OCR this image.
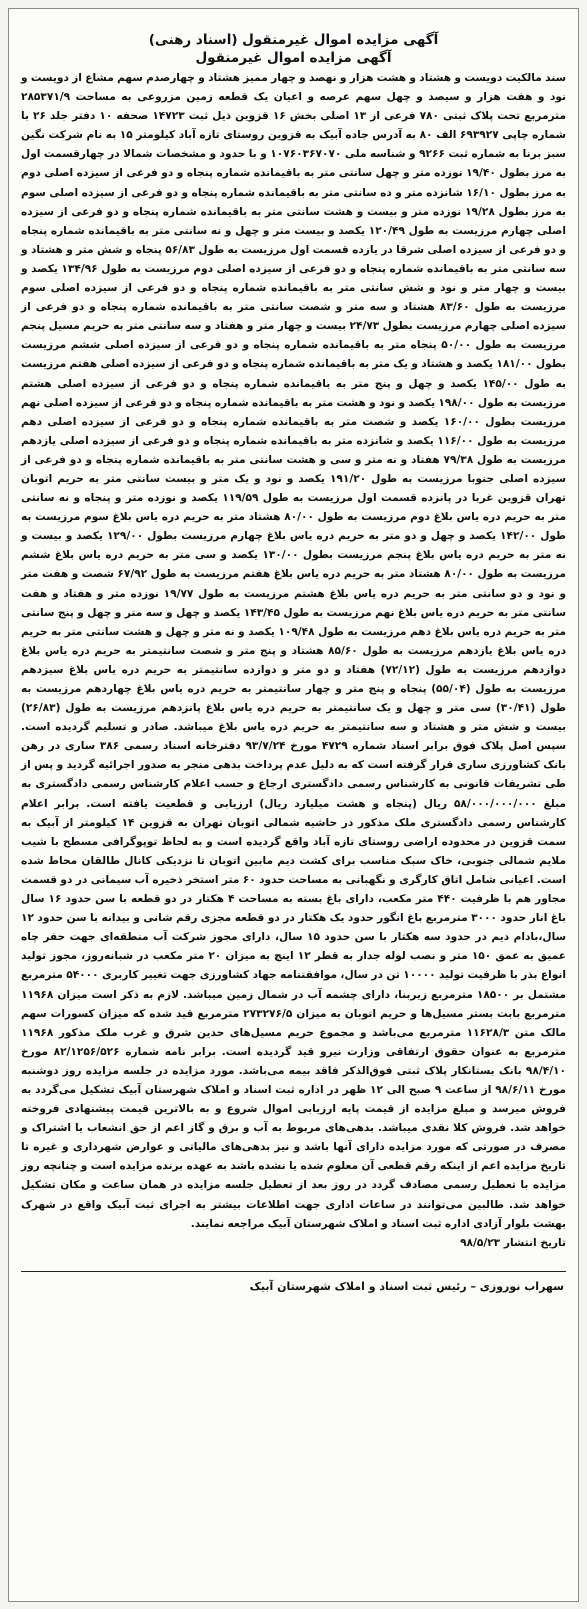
آگهی مزایده اموال غیرمنقول (اسناد رهنی)
آگهی مزایده اموال غیرمنقول

سند مالکیت دویست و هشتاد و هشت هزار و نهصد و چهار ممیز هشتاد و چهارصدم سهم مشاع از دویست و نود و هفت هزار و سیصد و چهل سهم عرصه و اعیان یک قطعه زمین مزروعی به مساحت ۲۸۵۳۷۱/۹ مترمربع تحت پلاک ثبتی ۷۸۰ فرعی از ۱۳ اصلی بخش ۱۶ قزوین ذیل ثبت ۱۴۷۲۳ صحفه ۱۰ دفتر جلد ۲۶ با شماره چاپی ۶۹۳۹۲۷ الف ۸۰ به آدرس جاده آبیک به قزوین روستای تازه آباد کیلومتر ۱۵ به نام شرکت نگین سبز برنا به شماره ثبت ۹۲۶۶ و شناسه ملی ۱۰۷۶۰۳۶۷۰۷۰ و با حدود و مشخصات شمالا در چهارقسمت اول به مرز بطول ۱۹/۴۰ نوزده متر و چهل سانتی متر به باقیمانده شماره پنجاه و دو فرعی از سیزده اصلی دوم به مرز بطول ۱۶/۱۰ شانزده متر و ده سانتی متر به باقیمانده شماره پنجاه و دو فرعی از سیزده اصلی سوم به مرز بطول ۱۹/۲۸ نوزده متر و بیست و هشت سانتی متر به باقیمانده شماره پنجاه و دو فرعی از سیزده اصلی چهارم مرزیست به طول ۱۲۰/۴۹ یکصد و بیست متر و چهل و نه سانتی متر به باقیمانده شماره پنجاه و دو فرعی از سیزده اصلی شرقا در یازده قسمت اول مرزیست به طول ۵۶/۸۳ پنجاه و شش متر و هشتاد و سه سانتی متر به باقیمانده شماره پنجاه و دو فرعی از سیزده اصلی دوم مرزیست به طول ۱۳۴/۹۶ یکصد و بیست و چهار متر و نود و شش سانتی متر به باقیمانده شماره پنجاه و دو فرعی از سیزده اصلی سوم مرزیست به طول ۸۳/۶۰ هشتاد و سه متر و شصت سانتی متر به باقیمانده شماره پنجاه و دو فرعی از سیزده اصلی چهارم مرزیست بطول ۲۴/۷۳ بیست و چهار متر و هفتاد و سه سانتی متر به حریم مسیل پنجم مرزیست به طول ۵۰/۰۰ پنجاه متر به باقیمانده شماره پنجاه و دو فرعی از سیزده اصلی ششم مرزیست بطول ۱۸۱/۰۰ یکصد و هشتاد و یک متر به باقیمانده شماره پنجاه و دو فرعی از سیزده اصلی هفتم مرزیست به طول ۱۴۵/۰۰ یکصد و چهل و پنج متر به باقیمانده شماره پنجاه و دو فرعی از سیزده اصلی هشتم مرزیست به طول ۱۹۸/۰۰ یکصد و نود و هشت متر به باقیمانده شماره پنجاه و دو فرعی از سیزده اصلی نهم مرزیست بطول ۱۶۰/۰۰ یکصد و شصت متر به باقیمانده شماره پنجاه و دو فرعی از سیزده اصلی دهم مرزیست به طول ۱۱۶/۰۰ یکصد و شانزده متر به باقیمانده شماره پنجاه و دو فرعی از سیزده اصلی یازدهم مرزیست به طول ۷۹/۳۸ هفتاد و نه متر و سی و هشت سانتی متر به باقیمانده شماره پنجاه و دو فرعی از سیزده اصلی جنوبا مرزیست به طول ۱۹۱/۲۰ یکصد و نود و یک متر و بیست سانتی متر به حریم اتوبان تهران قزوین غربا در پانزده قسمت اول مرزیست به طول ۱۱۹/۵۹ یکصد و نوزده متر و پنجاه و نه سانتی متر به حریم دره یاس بلاغ دوم مرزیست به طول ۸۰/۰۰ هشتاد متر به حریم دره یاس بلاغ سوم مرزیست به طول ۱۴۲/۰۰ یکصد و چهل و دو متر به حریم دره یاس بلاغ چهارم مرزیست بطول ۱۲۹/۰۰ یکصد و بیست و نه متر به حریم دره یاس بلاغ پنجم مرزیست بطول ۱۳۰/۰۰ یکصد و سی متر به حریم دره یاس بلاغ ششم مرزیست به طول ۸۰/۰۰ هشتاد متر به حریم دره یاس بلاغ هفتم مرزیست به طول ۶۷/۹۲ شصت و هفت متر و نود و دو سانتی متر به حریم دره یاس بلاغ هشتم مرزیست به طول ۱۹/۷۷ نوزده متر و هفتاد و هفت سانتی متر به حریم دره یاس بلاغ نهم مرزیست به طول ۱۴۳/۴۵ یکصد و چهل و سه متر و چهل و پنج سانتی متر به حریم دره یاس بلاغ دهم مرزیست به طول ۱۰۹/۴۸ یکصد و نه متر و چهل و هشت سانتی متر به حریم دره یاس بلاغ یازدهم مرزیست به طول ۸۵/۶۰ هشتاد و پنج متر و شصت سانتیمتر به حریم دره یاس بلاغ دوازدهم مرزیست به طول (۷۲/۱۲) هفتاد و دو متر و دوازده سانتیمتر به حریم دره یاس بلاغ سیزدهم مرزیست به طول (۵۵/۰۴) پنجاه و پنج متر و چهار سانتیمتر به حریم دره یاس بلاغ چهاردهم مرزیست به طول (۳۰/۴۱) سی متر و چهل و یک سانتیمتر به حریم دره یاس بلاغ پانزدهم مرزیست به طول (۲۶/۸۳) بیست و شش متر و هشتاد و سه سانتیمتر به حریم دره یاس بلاغ میباشد. صادر و تسلیم گردیده است. سپس اصل پلاک فوق برابر اسناد شماره ۴۷۲۹ مورخ ۹۳/۷/۲۴ دفترخانه اسناد رسمی ۳۸۶ ساری در رهن بانک کشاورزی ساری قرار گرفته است که به دلیل عدم پرداخت بدهی منجر به صدور اجرائیه گردید و پس از طی تشریفات قانونی به کارشناس رسمی دادگستری ارجاع و حسب اعلام کارشناس رسمی دادگستری به مبلغ ۵۸/۰۰۰/۰۰۰/۰۰۰ ریال (پنجاه و هشت میلیارد ریال) ارزیابی و قطعیت یافته است. برابر اعلام کارشناس رسمی دادگستری ملک مذکور در حاشیه شمالی اتوبان تهران به قزوین ۱۴ کیلومتر از آبیک به سمت قزوین در محدوده اراضی روستای تازه آباد واقع گردیده است و به لحاظ توپوگرافی مسطح با شیب ملایم شمالی جنوبی، خاک سبک مناسب برای کشت دیم مابین اتوبان تا نزدیکی کانال طالقان محاط شده است. اعیانی شامل اتاق کارگری و نگهبانی به مساحت حدود ۶۰ متر استخر ذخیره آب سیمانی در دو قسمت مجاور هم با ظرفیت ۴۴۰ متر مکعب، دارای باغ بسته به مساحت ۴ هکتار در دو قطعه با سن حدود ۱۶ سال باغ انار حدود ۳۰۰۰ مترمربع باغ انگور حدود یک هکتار در دو قطعه مجزی رقم شانی و بیدانه با سن حدود ۱۲ سال،بادام دیم در حدود سه هکتار با سن حدود ۱۵ سال، دارای مجوز شرکت آب منطقه‌ای جهت حفر چاه عمیق به عمق ۱۵۰ متر و نصب لوله جدار به قطر ۱۲ اینچ به میزان ۲۰ متر مکعب در شبانه‌روز، مجوز تولید انواع بذر با ظرفیت تولید ۱۰۰۰۰ تن در سال، موافقتنامه جهاد کشاورزی جهت تغییر کاربری ۵۴۰۰۰ مترمربع مشتمل بر ۱۸۵۰۰ مترمربع زیربنا، دارای چشمه آب در شمال زمین میباشد. لازم به ذکر است میزان ۱۱۹۶۸ مترمربع بابت بستر مسیل‌ها و حریم اتوبان به میزان ۲۷۳۲۷۶/۵ مترمربع قید شده که میزان کسورات سهم مالک متن ۱۱۶۲۸/۳ مترمربع می‌باشد و مجموع حریم مسیل‌های حدین شرق و غرب ملک مذکور ۱۱۹۶۸ مترمربع به عنوان حقوق ارتفاقی وزارت نیرو قید گردیده است. برابر نامه شماره ۸۲/۱۲۵۶/۵۲۶ مورخ ۹۸/۴/۱۰ بانک بستانکار پلاک ثبتی فوق‌الذکر فاقد بیمه می‌باشد. مورد مزایده در جلسه مزایده روز دوشنبه مورخ ۹۸/۶/۱۱ از ساعت ۹ صبح الی ۱۲ ظهر در اداره ثبت اسناد و املاک شهرستان آبیک تشکیل می‌گردد به فروش میرسد و مبلغ مزایده از قیمت پایه ارزیابی اموال شروع و به بالاترین قیمت پیشنهادی فروخته خواهد شد. فروش کلا نقدی میباشد. بدهی‌های مربوط به آب و برق و گاز اعم از حق انشعاب یا اشتراک و مصرف در صورتی که مورد مزایده دارای آنها باشد و نیز بدهی‌های مالیاتی و عوارض شهرداری و غیره تا تاریخ مزایده اعم از اینکه رقم قطعی آن معلوم شده یا نشده باشد به عهده برنده مزایده است و چنانچه روز مزایده با تعطیل رسمی مصادف گردد در روز بعد از تعطیل جلسه مزایده در همان ساعت و مکان تشکیل خواهد شد. طالبین می‌توانند در ساعات اداری جهت اطلاعات بیشتر به اجرای ثبت آبیک واقع در شهرک بهشت بلوار آزادی اداره ثبت اسناد و املاک شهرستان آبیک مراجعه نمایند.

تاریخ انتشار ۹۸/۵/۲۳

سهراب نوروزی – رئیس ثبت اسناد و املاک شهرستان آبیک
